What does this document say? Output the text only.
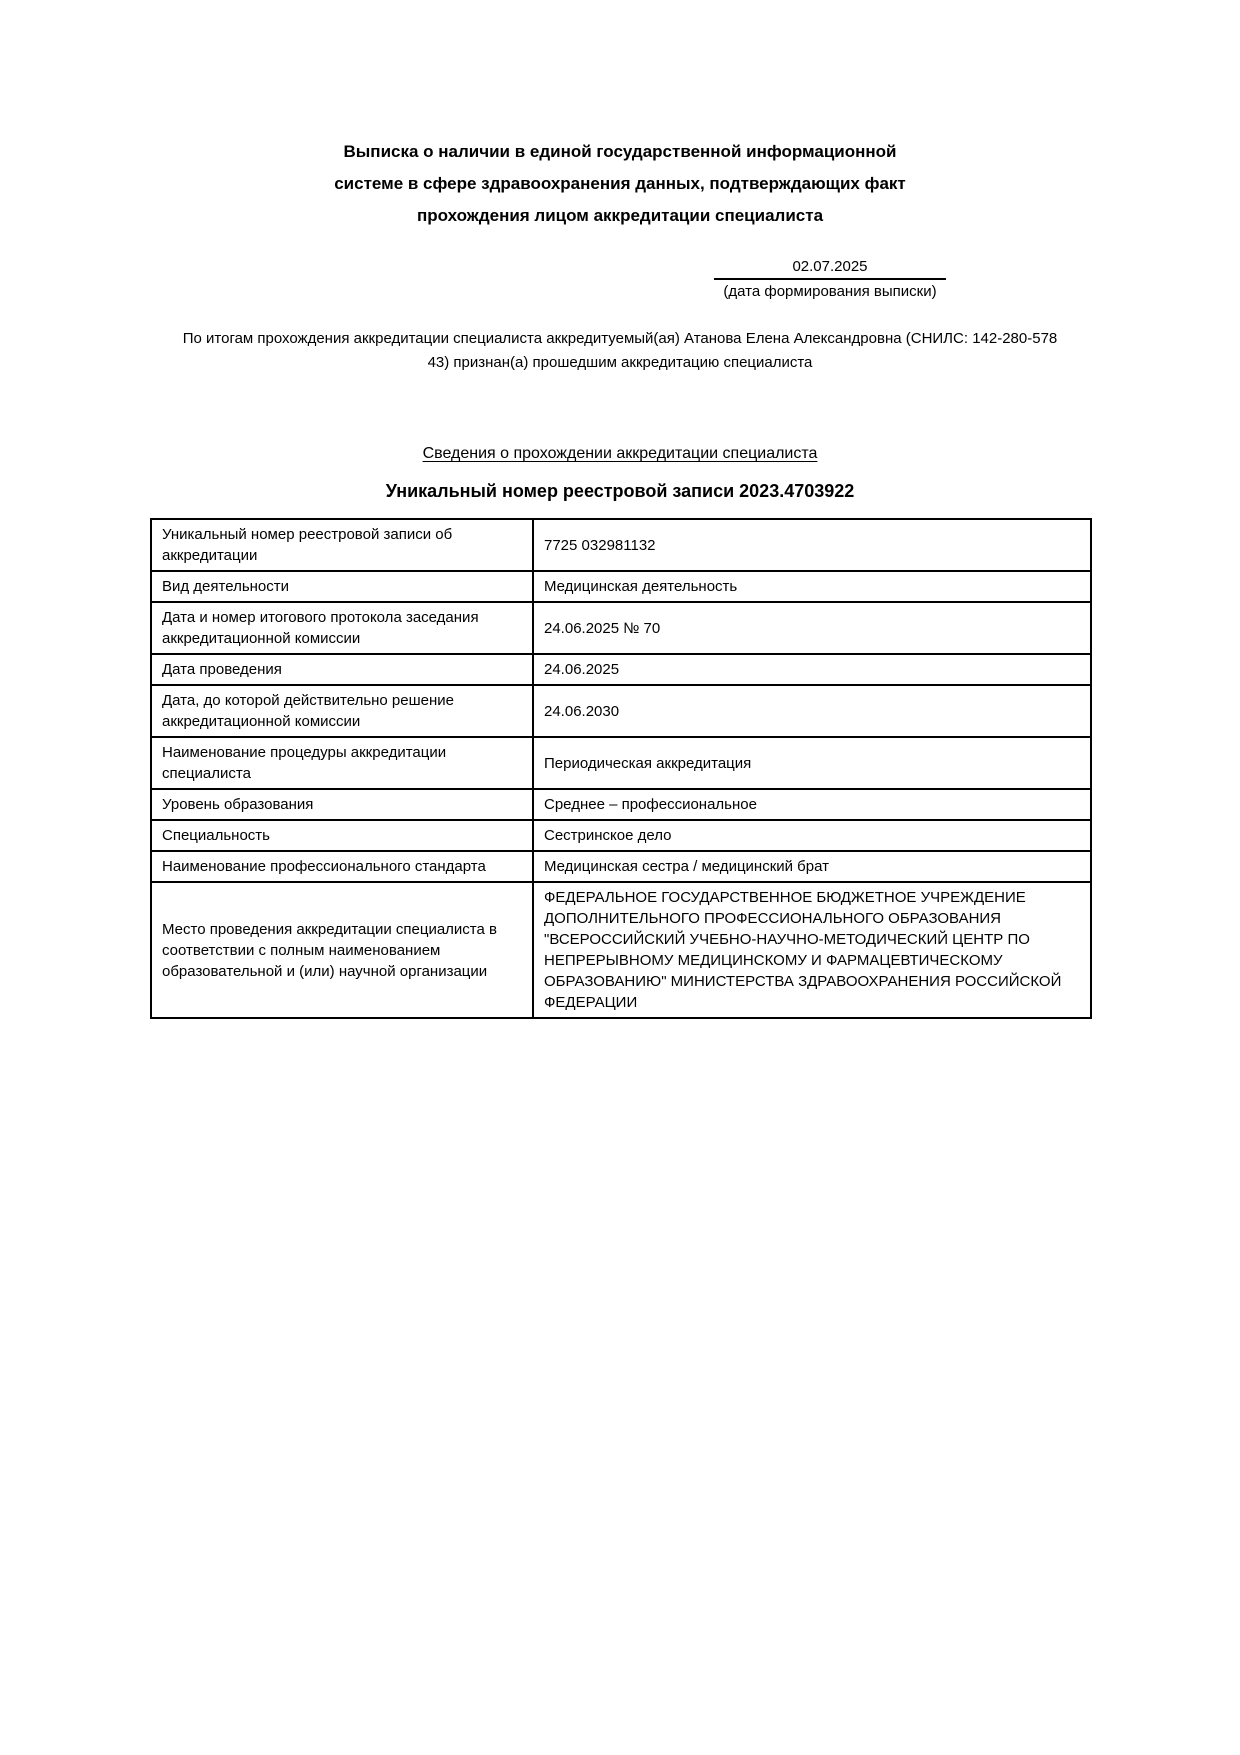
Выписка о наличии в единой государственной информационной
системе в сфере здравоохранения данных, подтверждающих факт
прохождения лицом аккредитации специалиста
02.07.2025
(дата формирования выписки)
По итогам прохождения аккредитации специалиста аккредитуемый(ая) Атанова Елена Александровна (СНИЛС: 142-280-578
43) признан(а) прошедшим аккредитацию специалиста
Сведения о прохождении аккредитации специалиста
Уникальный номер реестровой записи 2023.4703922
Уникальный номер реестровой записи об аккредитации	7725 032981132
Вид деятельности	Медицинская деятельность
Дата и номер итогового протокола заседания аккредитационной комиссии	24.06.2025 № 70
Дата проведения	24.06.2025
Дата, до которой действительно решение аккредитационной комиссии	24.06.2030
Наименование процедуры аккредитации специалиста	Периодическая аккредитация
Уровень образования	Среднее – профессиональное
Специальность	Сестринское дело
Наименование профессионального стандарта	Медицинская сестра / медицинский брат
Место проведения аккредитации специалиста в соответствии с полным наименованием образовательной и (или) научной организации	ФЕДЕРАЛЬНОЕ ГОСУДАРСТВЕННОЕ БЮДЖЕТНОЕ УЧРЕЖДЕНИЕ ДОПОЛНИТЕЛЬНОГО ПРОФЕССИОНАЛЬНОГО ОБРАЗОВАНИЯ "ВСЕРОССИЙСКИЙ УЧЕБНО-НАУЧНО-МЕТОДИЧЕСКИЙ ЦЕНТР ПО НЕПРЕРЫВНОМУ МЕДИЦИНСКОМУ И ФАРМАЦЕВТИЧЕСКОМУ ОБРАЗОВАНИЮ" МИНИСТЕРСТВА ЗДРАВООХРАНЕНИЯ РОССИЙСКОЙ ФЕДЕРАЦИИ
